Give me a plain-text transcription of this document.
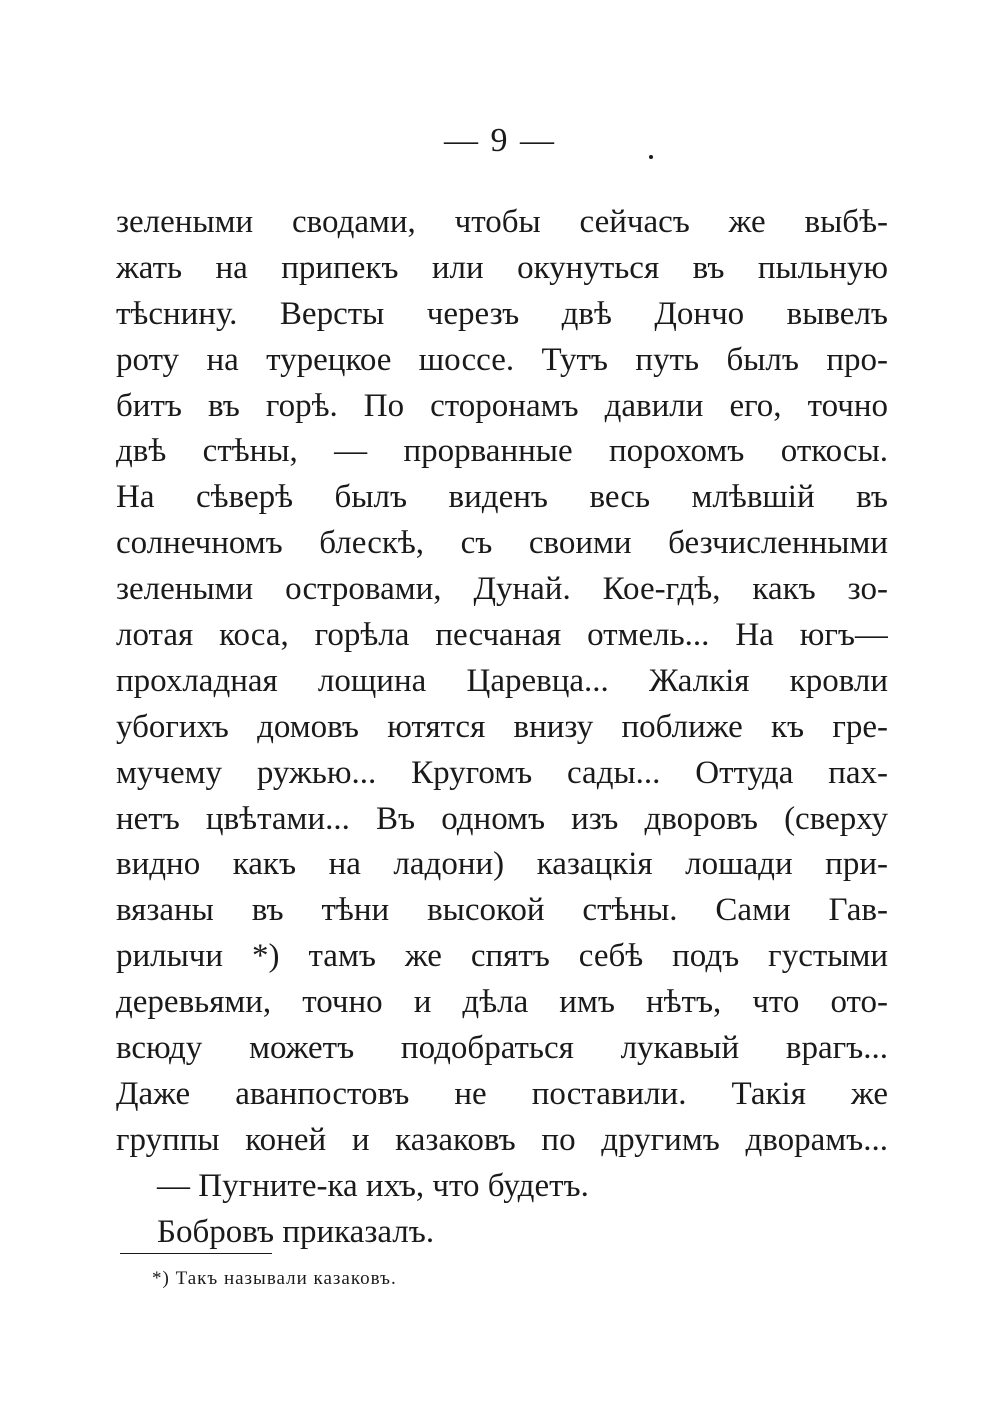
— 9 —
зелеными сводами, чтобы сейчасъ же выбѣ-
жать на припекъ или окунуться въ пыльную
тѣснину. Версты черезъ двѣ Дончо вывелъ
роту на турецкое шоссе. Тутъ путь былъ про-
битъ въ горѣ. По сторонамъ давили его, точно
двѣ стѣны, — прорванные порохомъ откосы.
На сѣверѣ былъ виденъ весь млѣвшій въ
солнечномъ блескѣ, съ своими безчисленными
зелеными островами, Дунай. Кое-гдѣ, какъ зо-
лотая коса, горѣла песчаная отмель... На югъ—
прохладная лощина Царевца... Жалкія кровли
убогихъ домовъ ютятся внизу поближе къ гре-
мучему ружью... Кругомъ сады... Оттуда пах-
нетъ цвѣтами... Въ одномъ изъ дворовъ (сверху
видно какъ на ладони) казацкія лошади при-
вязаны въ тѣни высокой стѣны. Сами Гав-
рилычи *) тамъ же спятъ себѣ подъ густыми
деревьями, точно и дѣла имъ нѣтъ, что ото-
всюду можетъ подобраться лукавый врагъ...
Даже аванпостовъ не поставили. Такія же
группы коней и казаковъ по другимъ дворамъ...
— Пугните-ка ихъ, что будетъ.
Бобровъ приказалъ.
*) Такъ называли казаковъ.
